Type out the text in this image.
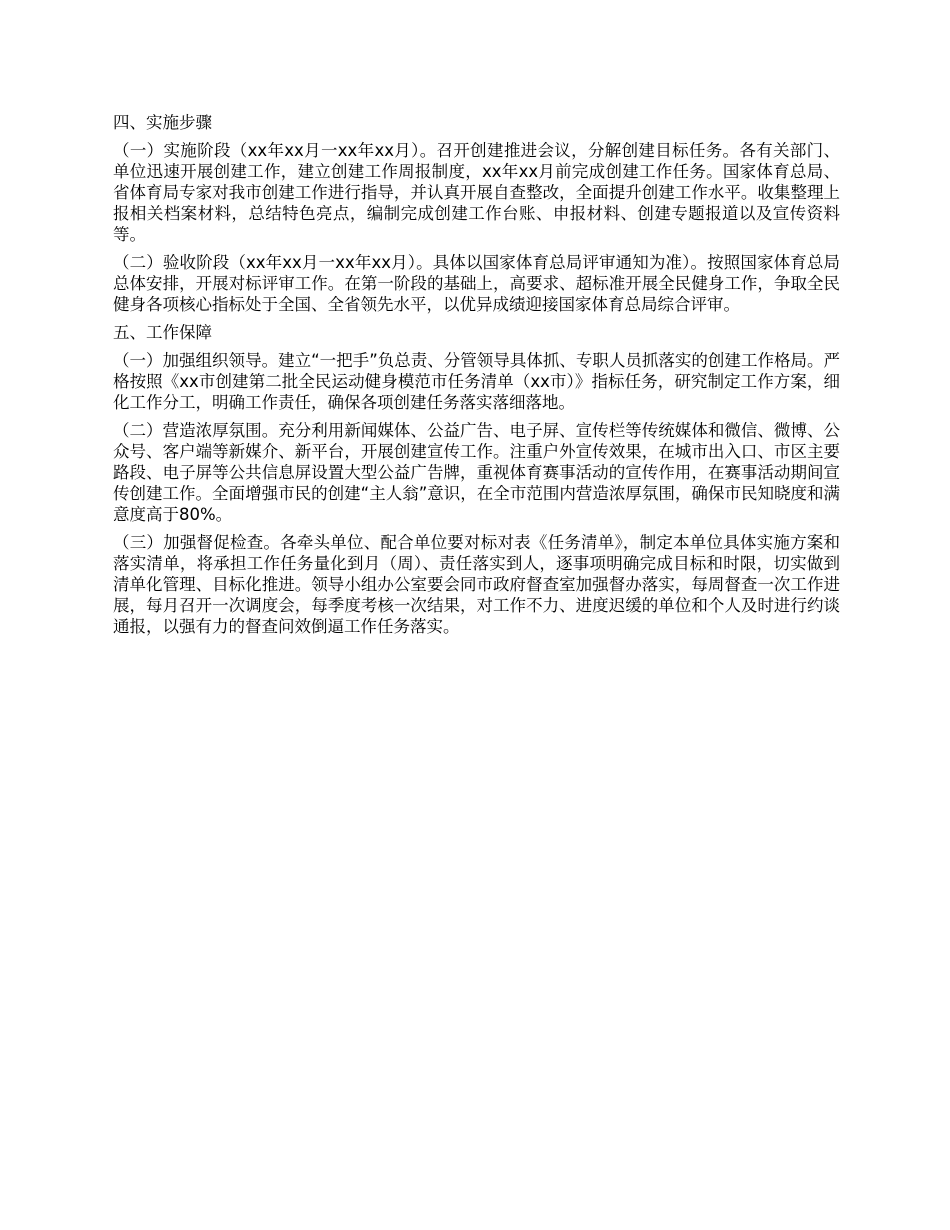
四、实施步骤

（一）实施阶段（xx年xx月一xx年xx月）。召开创建推进会议，分解创建目标任务。各有关部门、单位迅速开展创建工作，建立创建工作周报制度，xx年xx月前完成创建工作任务。国家体育总局、省体育局专家对我市创建工作进行指导，并认真开展自查整改，全面提升创建工作水平。收集整理上报相关档案材料，总结特色亮点，编制完成创建工作台账、申报材料、创建专题报道以及宣传资料等。

（二）验收阶段（xx年xx月一xx年xx月）。具体以国家体育总局评审通知为准）。按照国家体育总局总体安排，开展对标评审工作。在第一阶段的基础上，高要求、超标准开展全民健身工作，争取全民健身各项核心指标处于全国、全省领先水平，以优异成绩迎接国家体育总局综合评审。

五、工作保障

（一）加强组织领导。建立“一把手”负总责、分管领导具体抓、专职人员抓落实的创建工作格局。严格按照《xx市创建第二批全民运动健身模范市任务清单（xx市）》指标任务，研究制定工作方案，细化工作分工，明确工作责任，确保各项创建任务落实落细落地。

（二）营造浓厚氛围。充分利用新闻媒体、公益广告、电子屏、宣传栏等传统媒体和微信、微博、公众号、客户端等新媒介、新平台，开展创建宣传工作。注重户外宣传效果，在城市出入口、市区主要路段、电子屏等公共信息屏设置大型公益广告牌，重视体育赛事活动的宣传作用，在赛事活动期间宣传创建工作。全面增强市民的创建“主人翁”意识，在全市范围内营造浓厚氛围，确保市民知晓度和满意度高于80%。

（三）加强督促检查。各牵头单位、配合单位要对标对表《任务清单》，制定本单位具体实施方案和落实清单，将承担工作任务量化到月（周）、责任落实到人，逐事项明确完成目标和时限，切实做到清单化管理、目标化推进。领导小组办公室要会同市政府督查室加强督办落实，每周督查一次工作进展，每月召开一次调度会，每季度考核一次结果，对工作不力、进度迟缓的单位和个人及时进行约谈通报，以强有力的督查问效倒逼工作任务落实。
